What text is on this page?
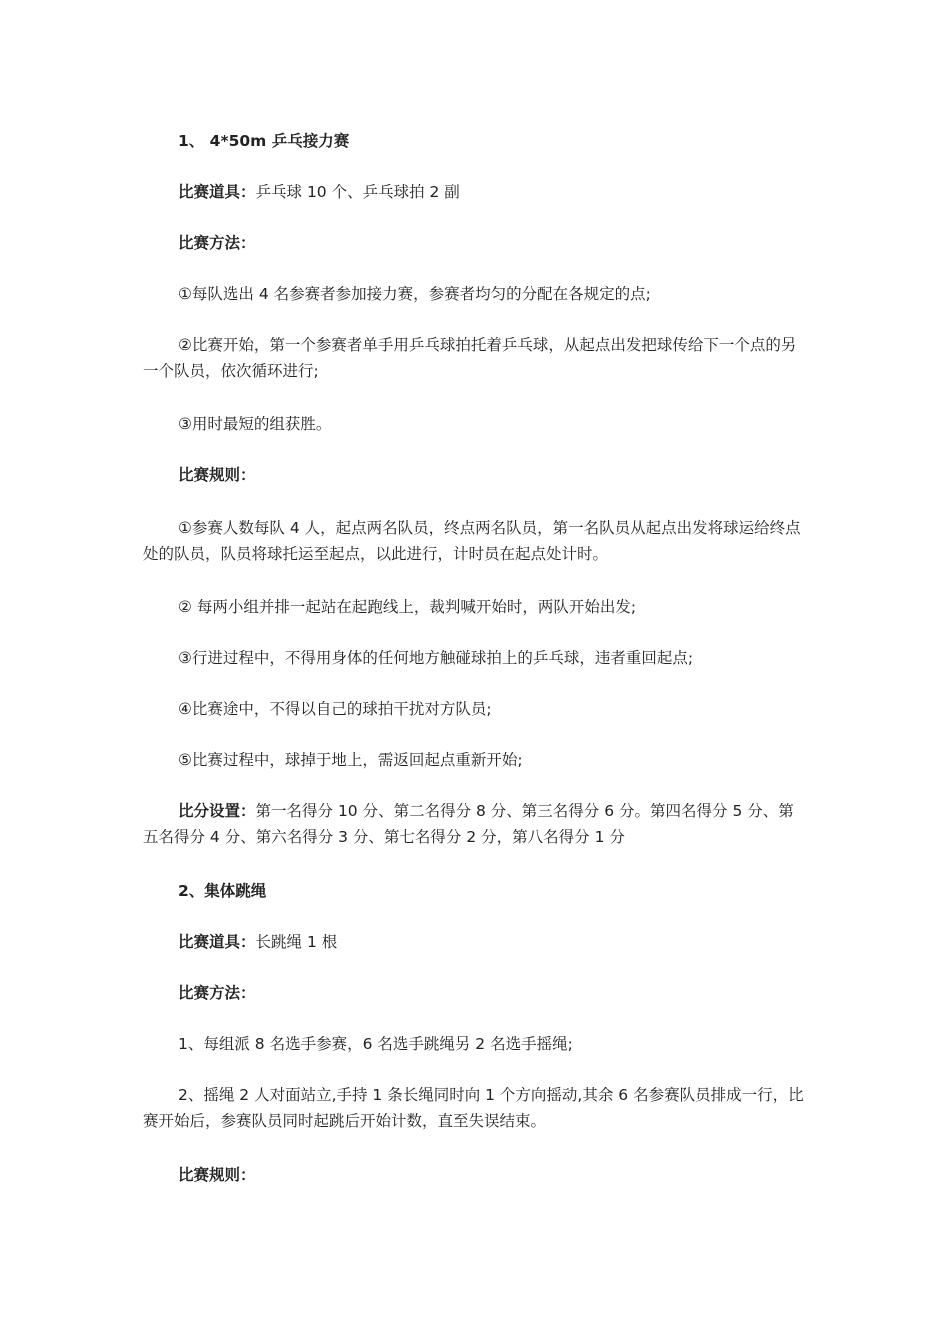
1、 4*50m 乒乓接力赛

比赛道具：乒乓球 10 个、乒乓球拍 2 副

比赛方法：

①每队选出 4 名参赛者参加接力赛，参赛者均匀的分配在各规定的点;

②比赛开始，第一个参赛者单手用乒乓球拍托着乒乓球，从起点出发把球传给下一个点的另一个队员，依次循环进行;

③用时最短的组获胜。

比赛规则：

①参赛人数每队 4 人，起点两名队员，终点两名队员，第一名队员从起点出发将球运给终点处的队员，队员将球托运至起点，以此进行，计时员在起点处计时。

② 每两小组并排一起站在起跑线上，裁判喊开始时，两队开始出发;

③行进过程中，不得用身体的任何地方触碰球拍上的乒乓球，违者重回起点;

④比赛途中，不得以自己的球拍干扰对方队员;

⑤比赛过程中，球掉于地上，需返回起点重新开始;

比分设置：第一名得分 10 分、第二名得分 8 分、第三名得分 6 分。第四名得分 5 分、第五名得分 4 分、第六名得分 3 分、第七名得分 2 分，第八名得分 1 分

2、集体跳绳

比赛道具：长跳绳 1 根

比赛方法：

1、每组派 8 名选手参赛，6 名选手跳绳另 2 名选手摇绳;

2、摇绳 2 人对面站立,手持 1 条长绳同时向 1 个方向摇动,其余 6 名参赛队员排成一行，比赛开始后，参赛队员同时起跳后开始计数，直至失误结束。

比赛规则：
